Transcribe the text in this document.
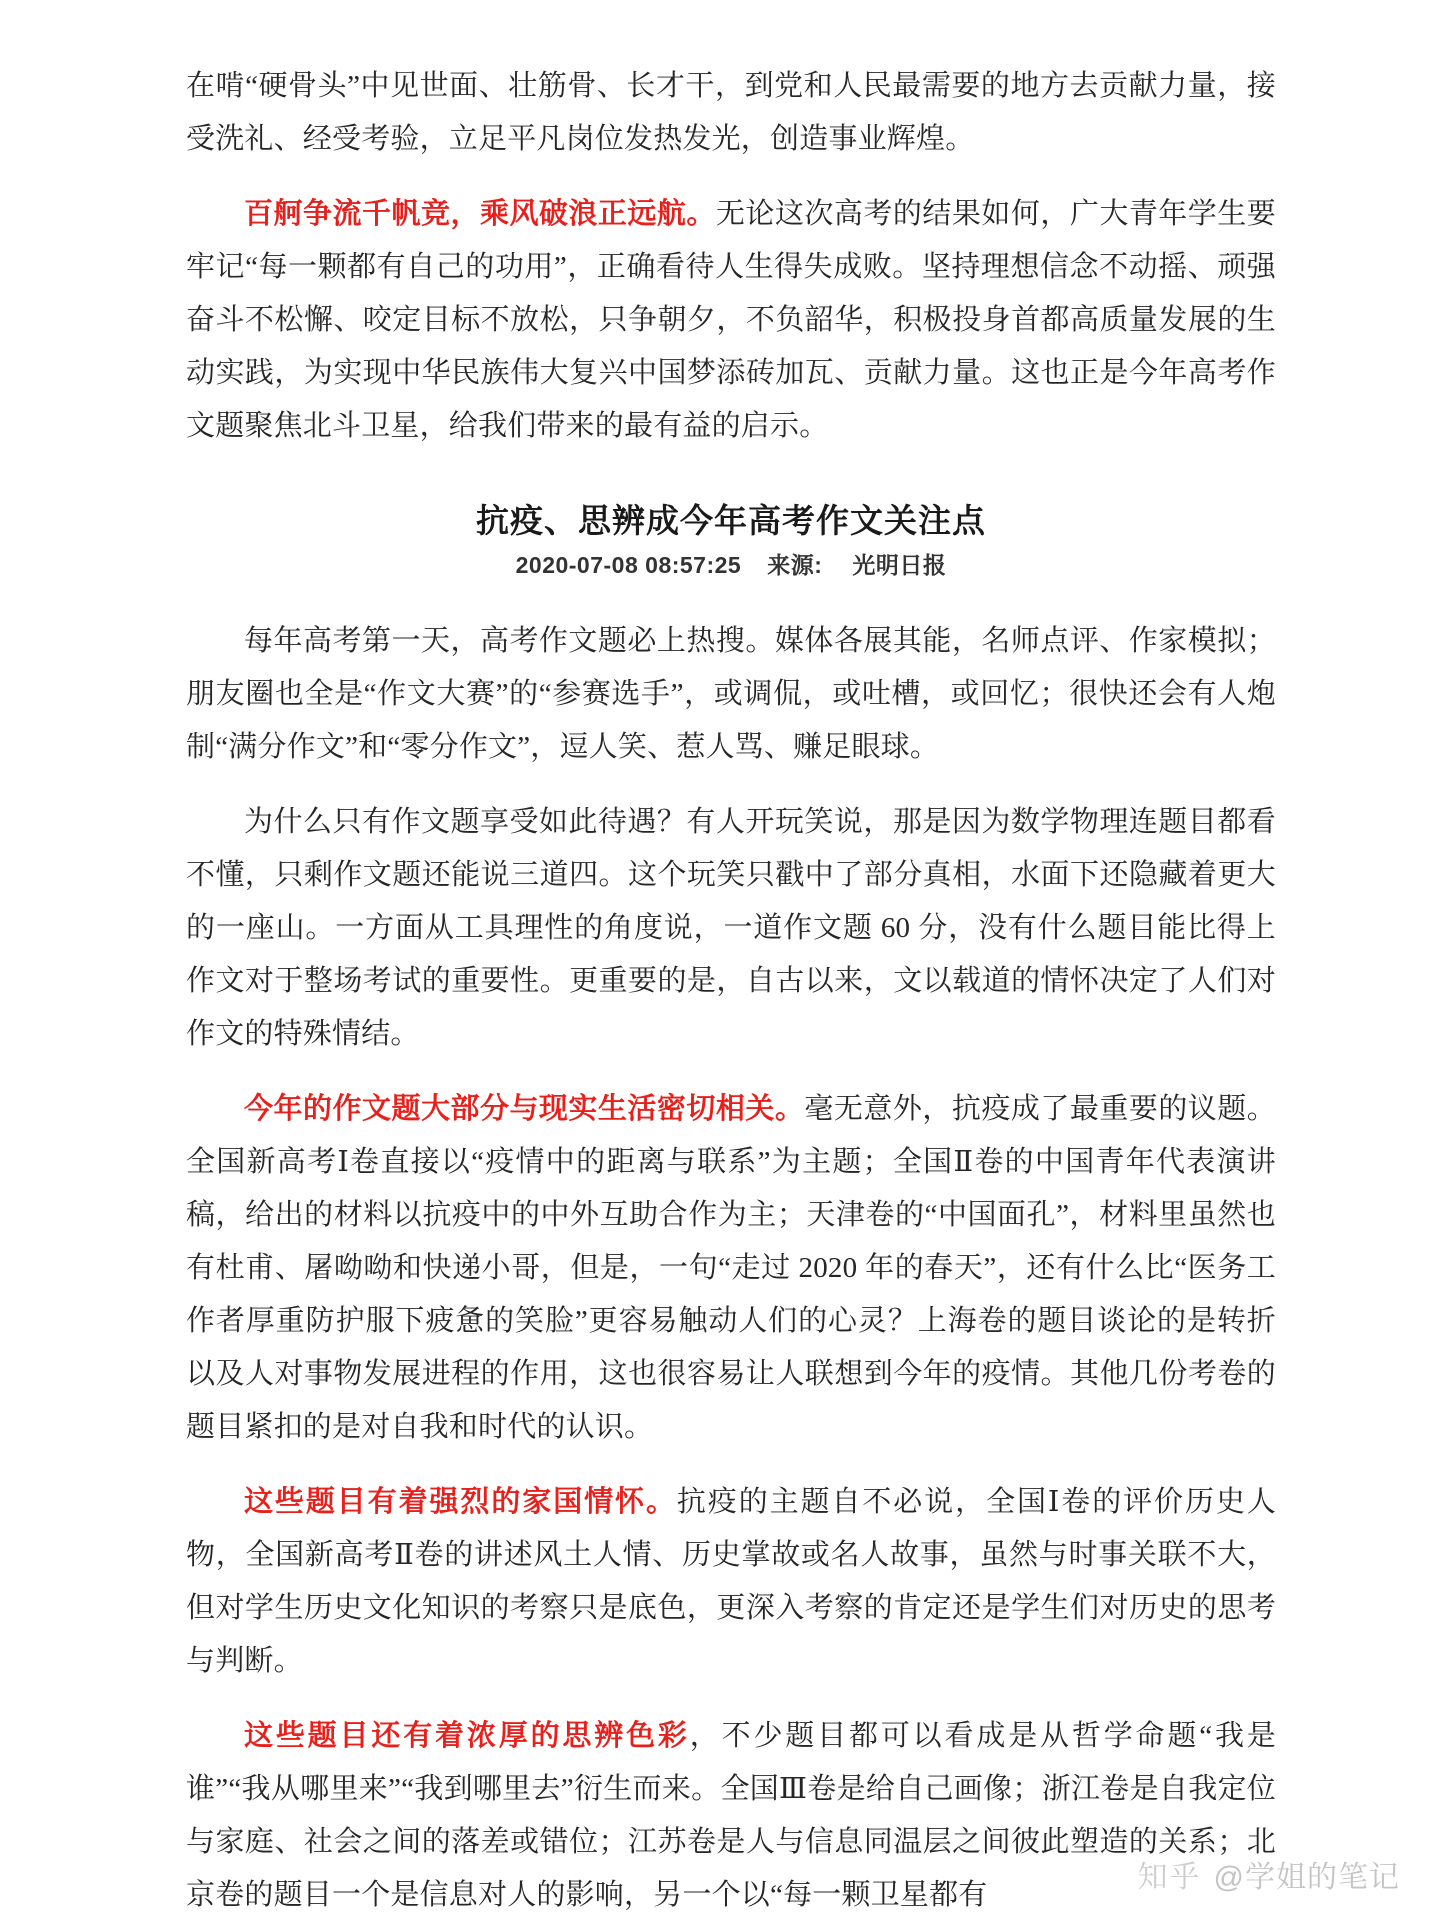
在啃“硬骨头”中见世面、壮筋骨、长才干，到党和人民最需要的地方去贡献力量，接受洗礼、经受考验，立足平凡岗位发热发光，创造事业辉煌。

百舸争流千帆竞，乘风破浪正远航。无论这次高考的结果如何，广大青年学生要牢记“每一颗都有自己的功用”，正确看待人生得失成败。坚持理想信念不动摇、顽强奋斗不松懈、咬定目标不放松，只争朝夕，不负韶华，积极投身首都高质量发展的生动实践，为实现中华民族伟大复兴中国梦添砖加瓦、贡献力量。这也正是今年高考作文题聚焦北斗卫星，给我们带来的最有益的启示。

抗疫、思辨成今年高考作文关注点
2020-07-08 08:57:25 来源: 光明日报

每年高考第一天，高考作文题必上热搜。媒体各展其能，名师点评、作家模拟；朋友圈也全是“作文大赛”的“参赛选手”，或调侃，或吐槽，或回忆；很快还会有人炮制“满分作文”和“零分作文”，逗人笑、惹人骂、赚足眼球。

为什么只有作文题享受如此待遇？有人开玩笑说，那是因为数学物理连题目都看不懂，只剩作文题还能说三道四。这个玩笑只戳中了部分真相，水面下还隐藏着更大的一座山。一方面从工具理性的角度说，一道作文题 60 分，没有什么题目能比得上作文对于整场考试的重要性。更重要的是，自古以来，文以载道的情怀决定了人们对作文的特殊情结。

今年的作文题大部分与现实生活密切相关。毫无意外，抗疫成了最重要的议题。全国新高考Ⅰ卷直接以“疫情中的距离与联系”为主题；全国Ⅱ卷的中国青年代表演讲稿，给出的材料以抗疫中的中外互助合作为主；天津卷的“中国面孔”，材料里虽然也有杜甫、屠呦呦和快递小哥，但是，一句“走过 2020 年的春天”，还有什么比“医务工作者厚重防护服下疲惫的笑脸”更容易触动人们的心灵？上海卷的题目谈论的是转折以及人对事物发展进程的作用，这也很容易让人联想到今年的疫情。其他几份考卷的题目紧扣的是对自我和时代的认识。

这些题目有着强烈的家国情怀。抗疫的主题自不必说，全国Ⅰ卷的评价历史人物，全国新高考Ⅱ卷的讲述风土人情、历史掌故或名人故事，虽然与时事关联不大，但对学生历史文化知识的考察只是底色，更深入考察的肯定还是学生们对历史的思考与判断。

这些题目还有着浓厚的思辨色彩，不少题目都可以看成是从哲学命题“我是谁”“我从哪里来”“我到哪里去”衍生而来。全国Ⅲ卷是给自己画像；浙江卷是自我定位与家庭、社会之间的落差或错位；江苏卷是人与信息同温层之间彼此塑造的关系；北京卷的题目一个是信息对人的影响，另一个以“每一颗卫星都有

知乎 @学姐的笔记
